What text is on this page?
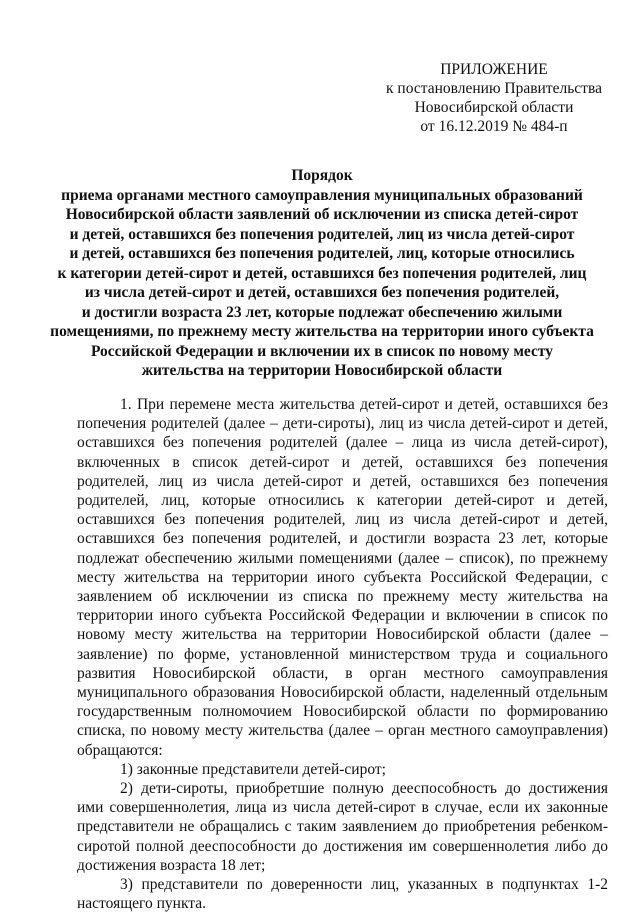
ПРИЛОЖЕНИЕ
к постановлению Правительства
Новосибирской области
от 16.12.2019 № 484-п
Порядок
приема органами местного самоуправления муниципальных образований
Новосибирской области заявлений об исключении из списка детей-сирот
и детей, оставшихся без попечения родителей, лиц из числа детей-сирот
и детей, оставшихся без попечения родителей, лиц, которые относились
к категории детей-сирот и детей, оставшихся без попечения родителей, лиц
из числа детей-сирот и детей, оставшихся без попечения родителей,
и достигли возраста 23 лет, которые подлежат обеспечению жилыми
помещениями, по прежнему месту жительства на территории иного субъекта
Российской Федерации и включении их в список по новому месту
жительства на территории Новосибирской области

1. При перемене места жительства детей-сирот и детей, оставшихся без попечения родителей (далее – дети-сироты), лиц из числа детей-сирот и детей, оставшихся без попечения родителей (далее – лица из числа детей-сирот), включенных в список детей-сирот и детей, оставшихся без попечения родителей, лиц из числа детей-сирот и детей, оставшихся без попечения родителей, лиц, которые относились к категории детей-сирот и детей, оставшихся без попечения родителей, лиц из числа детей-сирот и детей, оставшихся без попечения родителей, и достигли возраста 23 лет, которые подлежат обеспечению жилыми помещениями (далее – список), по прежнему месту жительства на территории иного субъекта Российской Федерации, с заявлением об исключении из списка по прежнему месту жительства на территории иного субъекта Российской Федерации и включении в список по новому месту жительства на территории Новосибирской области (далее – заявление) по форме, установленной министерством труда и социального развития Новосибирской области, в орган местного самоуправления муниципального образования Новосибирской области, наделенный отдельным государственным полномочием Новосибирской области по формированию списка, по новому месту жительства (далее – орган местного самоуправления) обращаются:

1) законные представители детей-сирот;

2) дети-сироты, приобретшие полную дееспособность до достижения ими совершеннолетия, лица из числа детей-сирот в случае, если их законные представители не обращались с таким заявлением до приобретения ребенком-сиротой полной дееспособности до достижения им совершеннолетия либо до достижения возраста 18 лет;

3) представители по доверенности лиц, указанных в подпунктах 1-2 настоящего пункта.
